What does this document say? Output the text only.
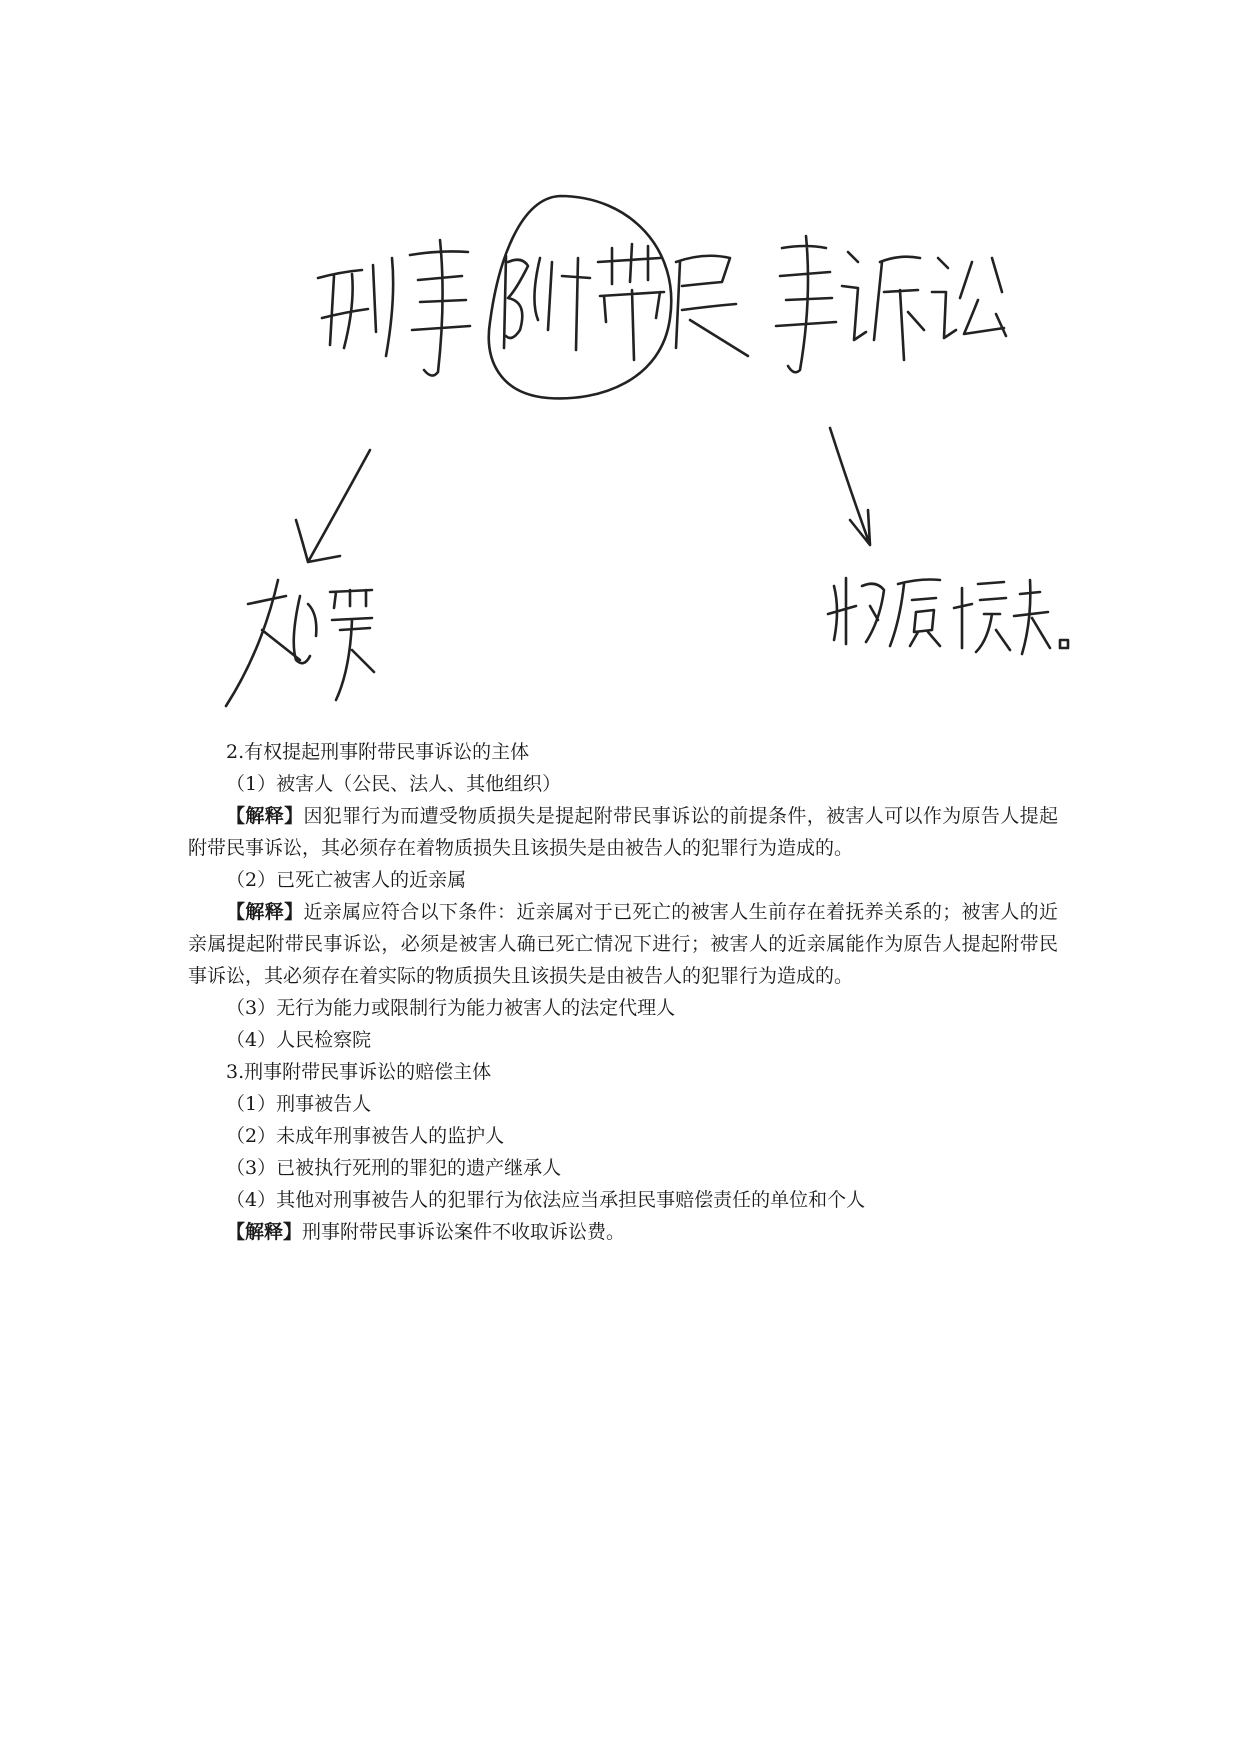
2.有权提起刑事附带民事诉讼的主体

（1）被害人（公民、法人、其他组织）

【解释】因犯罪行为而遭受物质损失是提起附带民事诉讼的前提条件，被害人可以作为原告人提起附带民事诉讼，其必须存在着物质损失且该损失是由被告人的犯罪行为造成的。

（2）已死亡被害人的近亲属

【解释】近亲属应符合以下条件：近亲属对于已死亡的被害人生前存在着抚养关系的；被害人的近亲属提起附带民事诉讼，必须是被害人确已死亡情况下进行；被害人的近亲属能作为原告人提起附带民事诉讼，其必须存在着实际的物质损失且该损失是由被告人的犯罪行为造成的。

（3）无行为能力或限制行为能力被害人的法定代理人

（4）人民检察院

3.刑事附带民事诉讼的赔偿主体

（1）刑事被告人

（2）未成年刑事被告人的监护人

（3）已被执行死刑的罪犯的遗产继承人

（4）其他对刑事被告人的犯罪行为依法应当承担民事赔偿责任的单位和个人

【解释】刑事附带民事诉讼案件不收取诉讼费。
